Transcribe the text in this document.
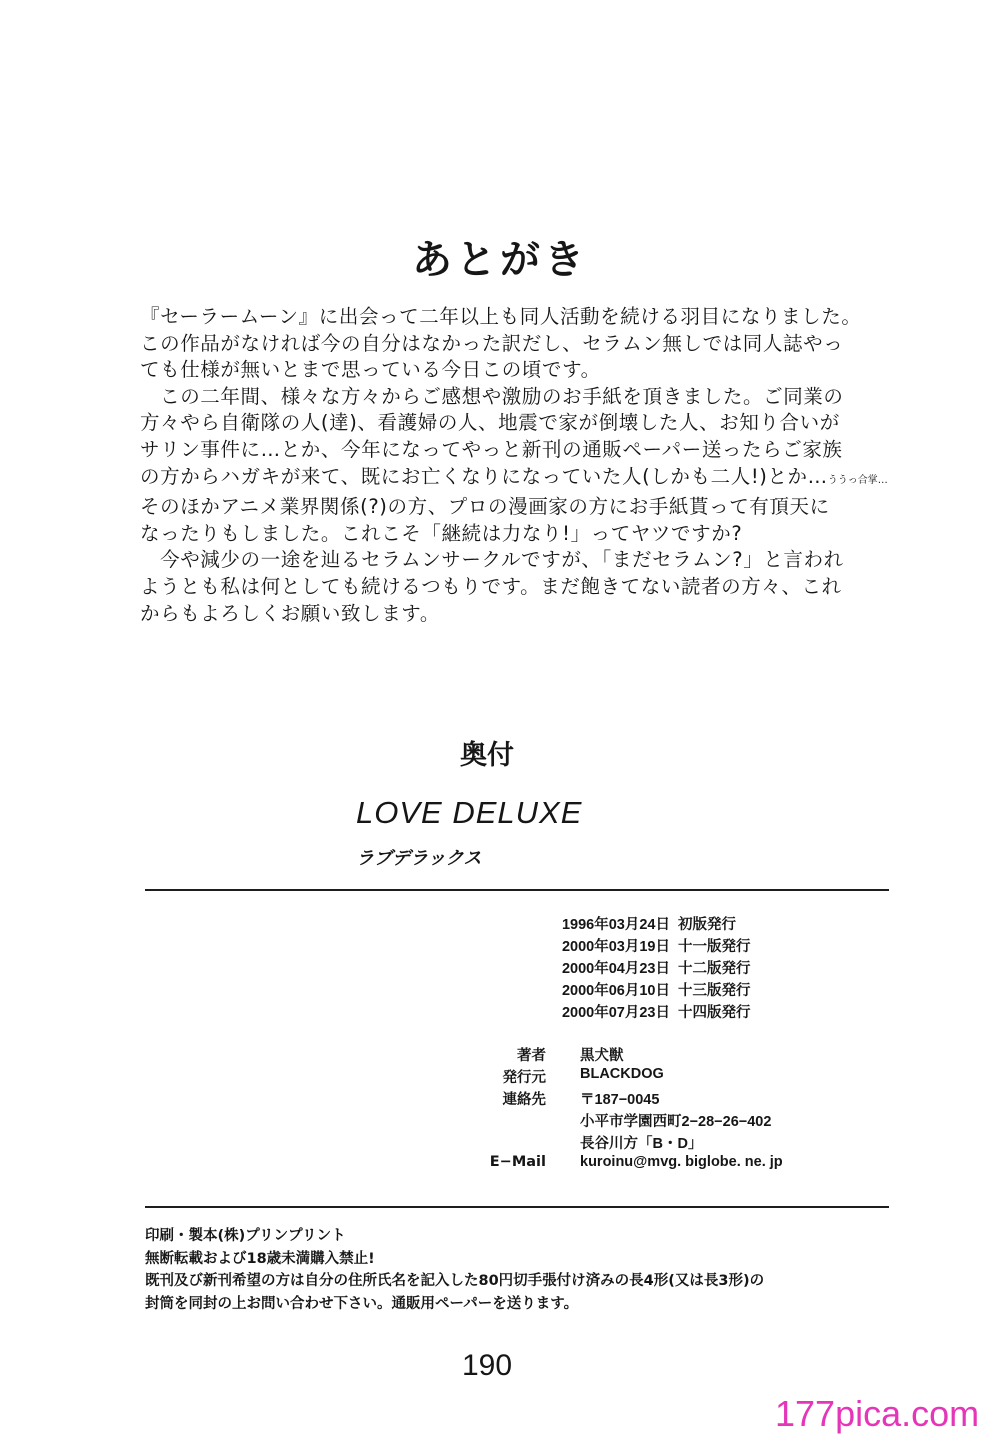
あとがき
『セーラームーン』に出会って二年以上も同人活動を続ける羽目になりました。
この作品がなければ今の自分はなかった訳だし、セラムン無しでは同人誌やっ
ても仕様が無いとまで思っている今日この頃です。
　この二年間、様々な方々からご感想や激励のお手紙を頂きました。ご同業の
方々やら自衛隊の人(達)、看護婦の人、地震で家が倒壊した人、お知り合いが
サリン事件に…とか、今年になってやっと新刊の通販ペーパー送ったらご家族
の方からハガキが来て、既にお亡くなりになっていた人(しかも二人!)とか…ううっ合掌…
そのほかアニメ業界関係(?)の方、プロの漫画家の方にお手紙貰って有頂天に
なったりもしました。これこそ「継続は力なり!」ってヤツですか?
　今や減少の一途を辿るセラムンサークルですが、「まだセラムン?」と言われ
ようとも私は何としても続けるつもりです。まだ飽きてない読者の方々、これ
からもよろしくお願い致します。
奥付
LOVE DELUXE
ラブデラックス
1996年03月24日 初版発行
2000年03月19日 十一版発行
2000年04月23日 十二版発行
2000年06月10日 十三版発行
2000年07月23日 十四版発行
著者 黒犬獣
発行元 BLACKDOG
連絡先 〒187−0045
小平市学園西町2−28−26−402
長谷川方「B・D」
E−Mail kuroinu@mvg. biglobe. ne. jp
印刷・製本(株)プリンプリント
無断転載および18歳未満購入禁止!
既刊及び新刊希望の方は自分の住所氏名を記入した80円切手張付け済みの長4形(又は長3形)の
封筒を同封の上お問い合わせ下さい。通販用ペーパーを送ります。
190
177pica.com
